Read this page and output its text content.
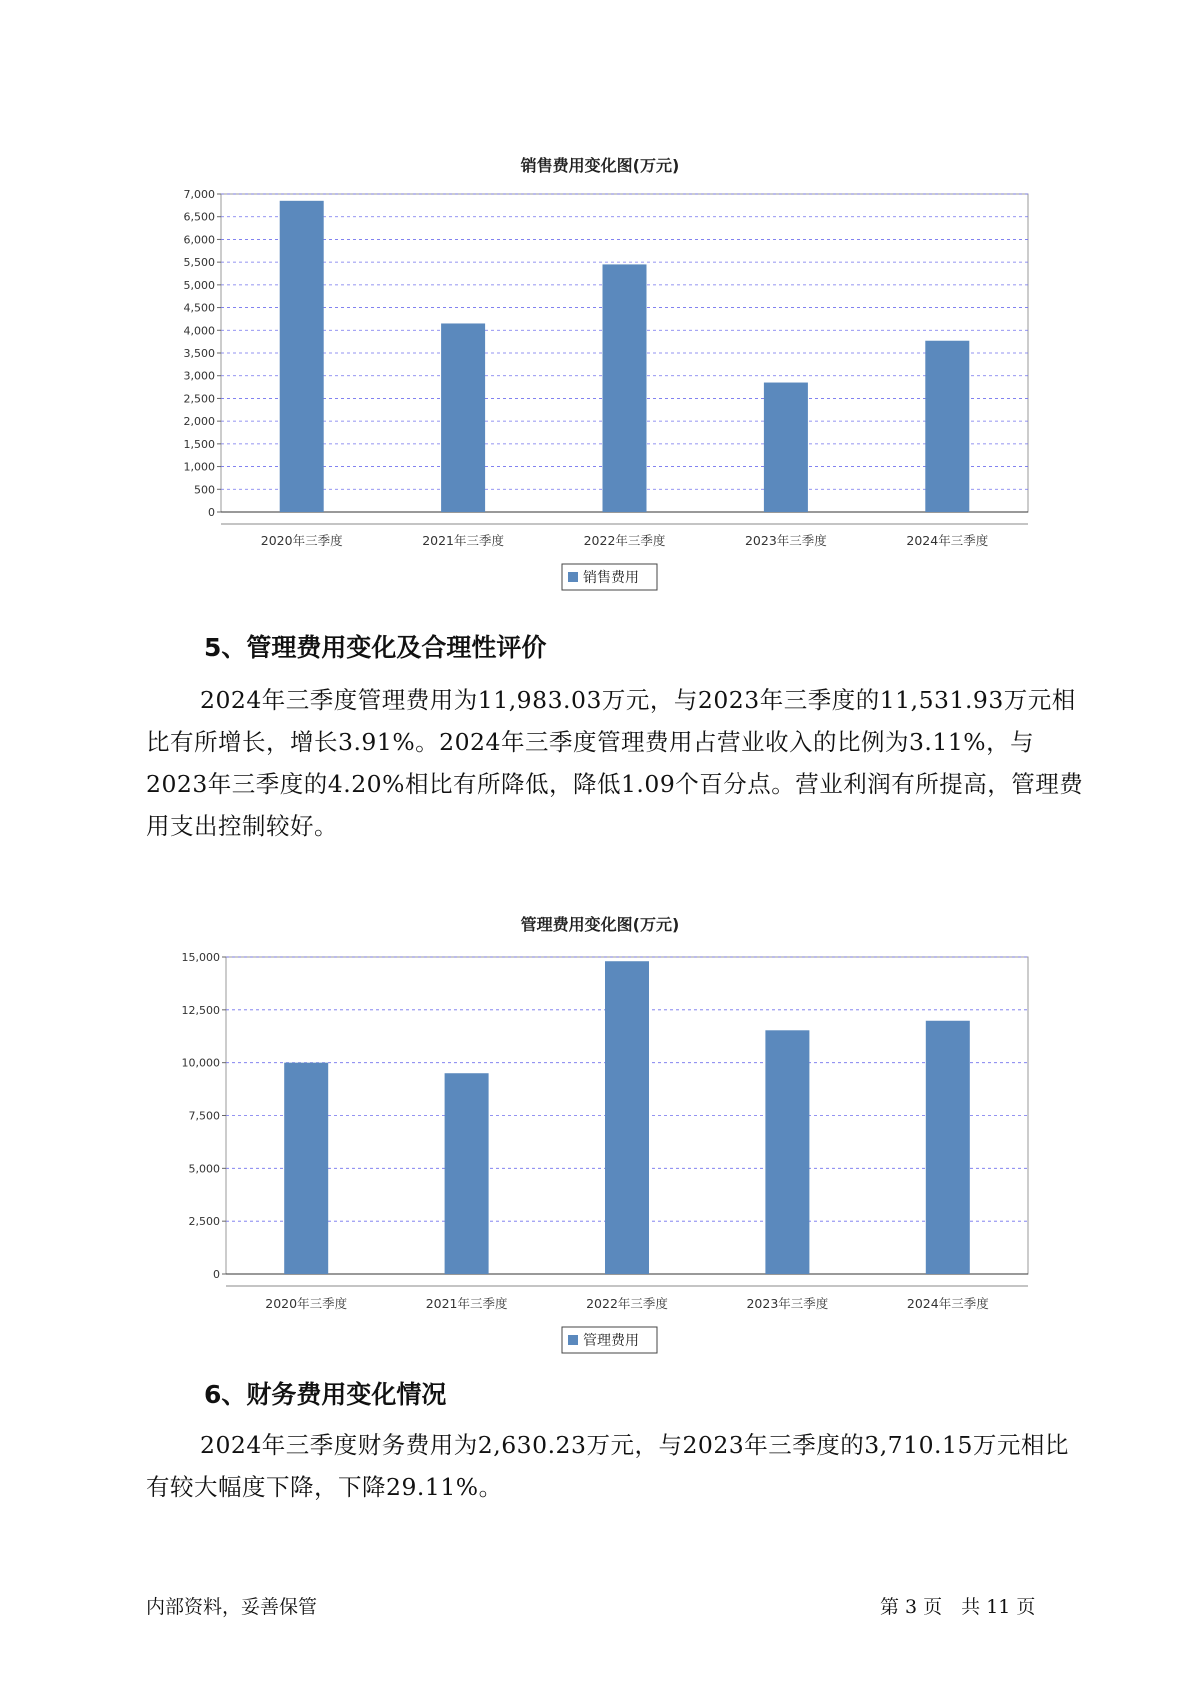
销售费用变化图(万元)
0
500
1,000
1,500
2,000
2,500
3,000
3,500
4,000
4,500
5,000
5,500
6,000
6,500
7,000
2020年三季度	2021年三季度	2022年三季度	2023年三季度	2024年三季度
销售费用
5、管理费用变化及合理性评价

2024年三季度管理费用为11,983.03万元，与2023年三季度的11,531.93万元相比有所增长，增长3.91%。2024年三季度管理费用占营业收入的比例为3.11%，与2023年三季度的4.20%相比有所降低，降低1.09个百分点。营业利润有所提高，管理费用支出控制较好。

管理费用变化图(万元)
0
2,500
5,000
7,500
10,000
12,500
15,000
2020年三季度	2021年三季度	2022年三季度	2023年三季度	2024年三季度
管理费用
6、财务费用变化情况

2024年三季度财务费用为2,630.23万元，与2023年三季度的3,710.15万元相比有较大幅度下降，下降29.11%。

内部资料，妥善保管	第 3 页　共 11 页
